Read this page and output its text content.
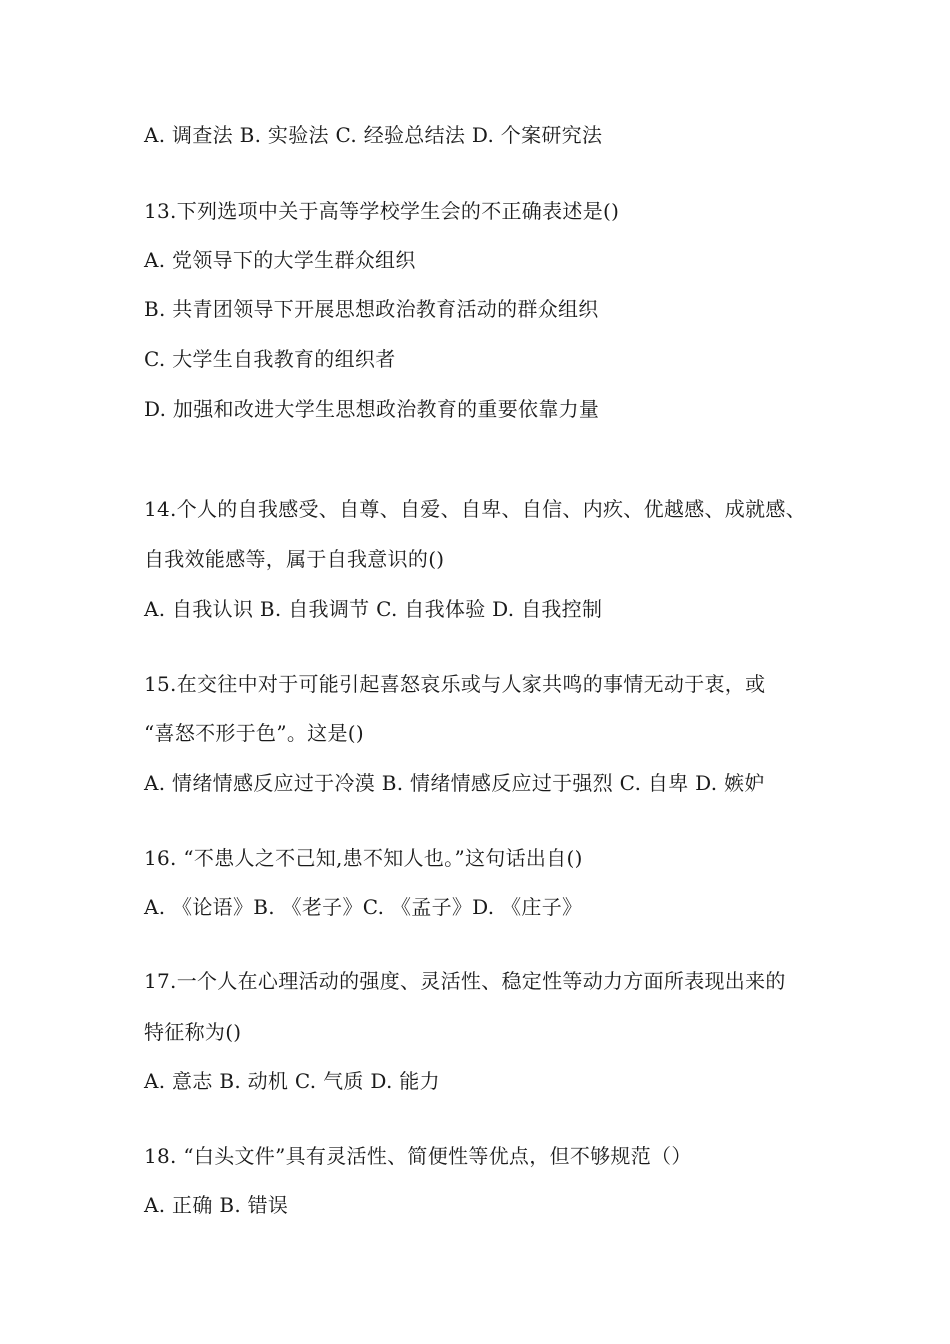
A. 调查法 B. 实验法 C. 经验总结法 D. 个案研究法
13.下列选项中关于高等学校学生会的不正确表述是()
A. 党领导下的大学生群众组织
B. 共青团领导下开展思想政治教育活动的群众组织
C. 大学生自我教育的组织者
D. 加强和改进大学生思想政治教育的重要依靠力量
14.个人的自我感受、自尊、自爱、自卑、自信、内疚、优越感、成就感、
自我效能感等，属于自我意识的()
A. 自我认识 B. 自我调节 C. 自我体验 D. 自我控制
15.在交往中对于可能引起喜怒哀乐或与人家共鸣的事情无动于衷，或
“喜怒不形于色”。这是()
A. 情绪情感反应过于冷漠 B. 情绪情感反应过于强烈 C. 自卑 D. 嫉妒
16. “不患人之不己知,患不知人也。”这句话出自()
A. 《论语》B. 《老子》C. 《孟子》D. 《庄子》
17.一个人在心理活动的强度、灵活性、稳定性等动力方面所表现出来的
特征称为()
A. 意志 B. 动机 C. 气质 D. 能力
18. “白头文件”具有灵活性、简便性等优点，但不够规范（）
A. 正确 B. 错误
